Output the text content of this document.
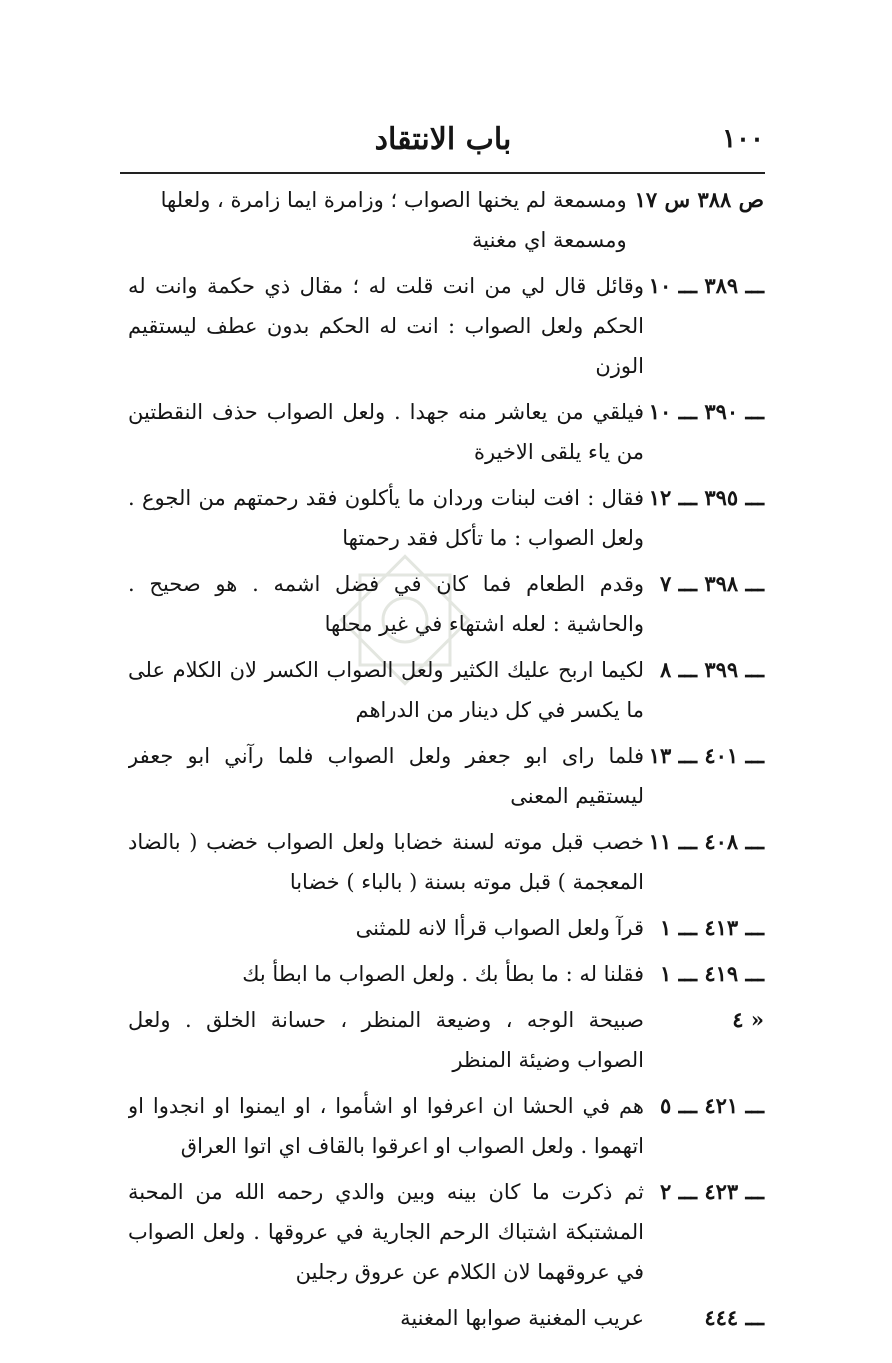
١٠٠
باب الانتقاد
ص ٣٨٨ س ١٧
ومسمعة لم يخنها الصواب ؛ وزامرة ايما زامرة ، ولعلها ومسمعة اي مغنية
ـــ ٣٨٩ ـــ ١٠
وقائل قال لي من انت قلت له ؛ مقال ذي حكمة وانت له الحكم ولعل الصواب : انت له الحكم بدون عطف ليستقيم الوزن
ـــ ٣٩٠ ـــ ١٠
فيلقي من يعاشر منه جهدا . ولعل الصواب حذف النقطتين من ياء يلقى الاخيرة
ـــ ٣٩٥ ـــ ١٢
فقال : افت لبنات وردان ما يأكلون فقد رحمتهم من الجوع . ولعل الصواب : ما تأكل فقد رحمتها
ـــ ٣٩٨ ـــ ٧
وقدم الطعام فما كان في فضل اشمه . هو صحيح . والحاشية : لعله اشتهاء في غير محلها
ـــ ٣٩٩ ـــ ٨
لكيما اربح عليك الكثير ولعل الصواب الكسر لان الكلام على ما يكسر في كل دينار من الدراهم
ـــ ٤٠١ ـــ ١٣
فلما راى ابو جعفر ولعل الصواب فلما رآني ابو جعفر ليستقيم المعنى
ـــ ٤٠٨ ـــ ١١
خصب قبل موته لسنة خضابا ولعل الصواب خضب ( بالضاد المعجمة ) قبل موته بسنة ( بالباء ) خضابا
ـــ ٤١٣ ـــ ١
قرآ ولعل الصواب قرأا لانه للمثنى
ـــ ٤١٩ ـــ ١
فقلنا له : ما بطأ بك . ولعل الصواب ما ابطأ بك
« ٤
صبيحة الوجه ، وضيعة المنظر ، حسانة الخلق . ولعل الصواب وضيئة المنظر
ـــ ٤٢١ ـــ ٥
هم في الحشا ان اعرفوا او اشأموا ، او ايمنوا او انجدوا او اتهموا . ولعل الصواب او اعرقوا بالقاف اي اتوا العراق
ـــ ٤٢٣ ـــ ٢
ثم ذكرت ما كان بينه وبين والدي رحمه الله من المحبة المشتبكة اشتباك الرحم الجارية في عروقها . ولعل الصواب في عروقهما لان الكلام عن عروق رجلين
ـــ ٤٤٤
عريب المغنية صوابها المغنية
